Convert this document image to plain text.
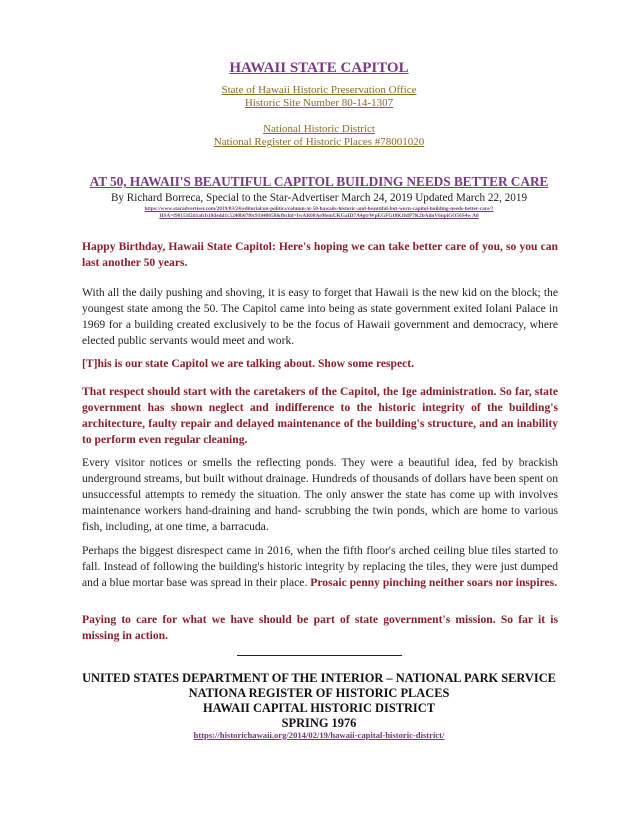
HAWAII STATE CAPITOL
State of Hawaii Historic Preservation Office
Historic Site Number 80-14-1307
National Historic District
National Register of Historic Places #78001020
AT 50, HAWAII'S BEAUTIFUL CAPITOL BUILDING NEEDS BETTER CARE
By Richard Borreca, Special to the Star-Advertiser March 24, 2019 Updated March 22, 2019
https://www.staradvertiser.com/2019/03/24/editorial/on-politics/column-at-50-hawaiis-historic-and-beautiful-but-worn-capitol-building-needs-better-care/?
HSA=f98151f2d1afcb10dedd1c5240b07f0c91840058&fbclid=IwAR08Ae9femUKGaID7A4gtrWpEGFGI8K1hIP7K2bAdnV6npiGO56S4w A0

Happy Birthday, Hawaii State Capitol: Here's hoping we can take better care of you, so you can last another 50 years.

With all the daily pushing and shoving, it is easy to forget that Hawaii is the new kid on the block; the youngest state among the 50. The Capitol came into being as state government exited Iolani Palace in 1969 for a building created exclusively to be the focus of Hawaii government and democracy, where elected public servants would meet and work.

[T]his is our state Capitol we are talking about. Show some respect.

That respect should start with the caretakers of the Capitol, the Ige administration. So far, state government has shown neglect and indifference to the historic integrity of the building's architecture, faulty repair and delayed maintenance of the building's structure, and an inability to perform even regular cleaning.

Every visitor notices or smells the reflecting ponds. They were a beautiful idea, fed by brackish underground streams, but built without drainage. Hundreds of thousands of dollars have been spent on unsuccessful attempts to remedy the situation. The only answer the state has come up with involves maintenance workers hand-draining and hand- scrubbing the twin ponds, which are home to various fish, including, at one time, a barracuda.

Perhaps the biggest disrespect came in 2016, when the fifth floor's arched ceiling blue tiles started to fall. Instead of following the building's historic integrity by replacing the tiles, they were just dumped and a blue mortar base was spread in their place. Prosaic penny pinching neither soars nor inspires.

Paying to care for what we have should be part of state government's mission. So far it is missing in action.

UNITED STATES DEPARTMENT OF THE INTERIOR – NATIONAL PARK SERVICE
NATIONA REGISTER OF HISTORIC PLACES
HAWAII CAPITAL HISTORIC DISTRICT
SPRING 1976
https://historichawaii.org/2014/02/19/hawaii-capital-historic-district/
